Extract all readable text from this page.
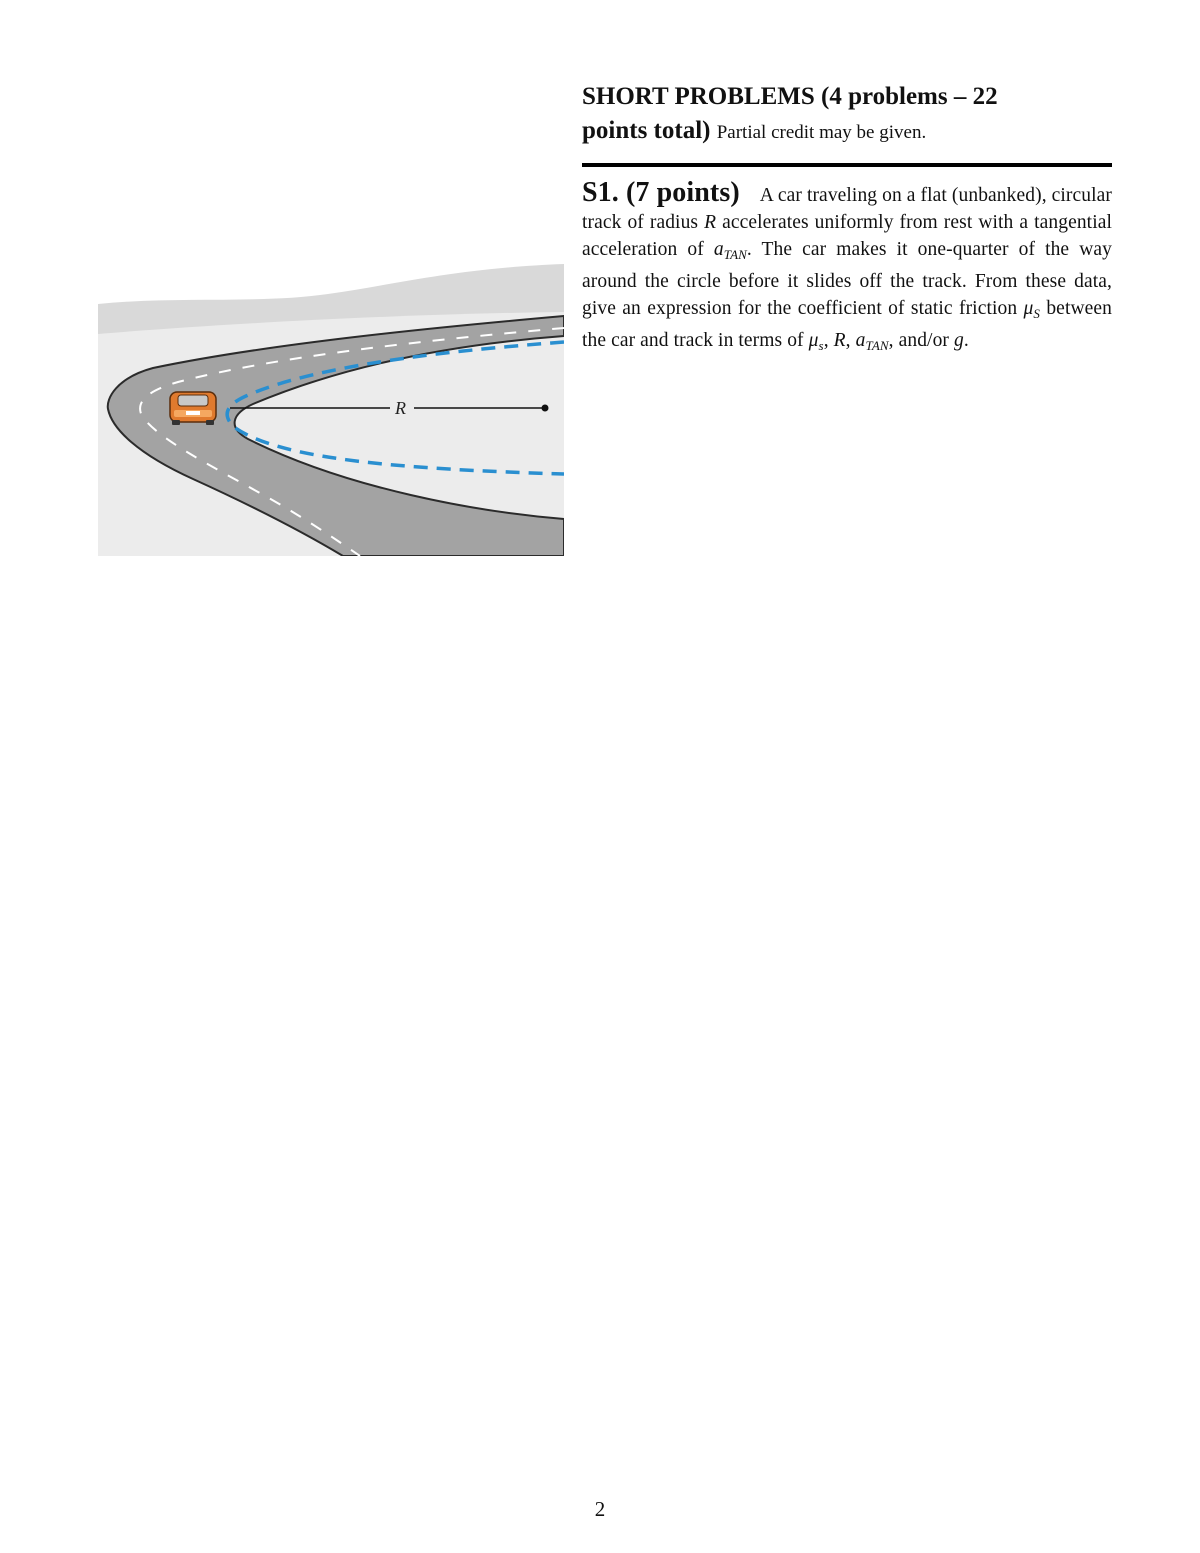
R

SHORT PROBLEMS (4 problems – 22
points total) Partial credit may be given.

S1. (7 points) A car traveling on a flat (unbanked), circular track of radius R accelerates uniformly from rest with a tangential acceleration of $a_{TAN}$. The car makes it one-quarter of the way around the circle before it slides off the track. From these data, give an expression for the coefficient of static friction $\mu_S$ between the car and track in terms of $\mu_s$, R, $a_{TAN}$, and/or g.

2
